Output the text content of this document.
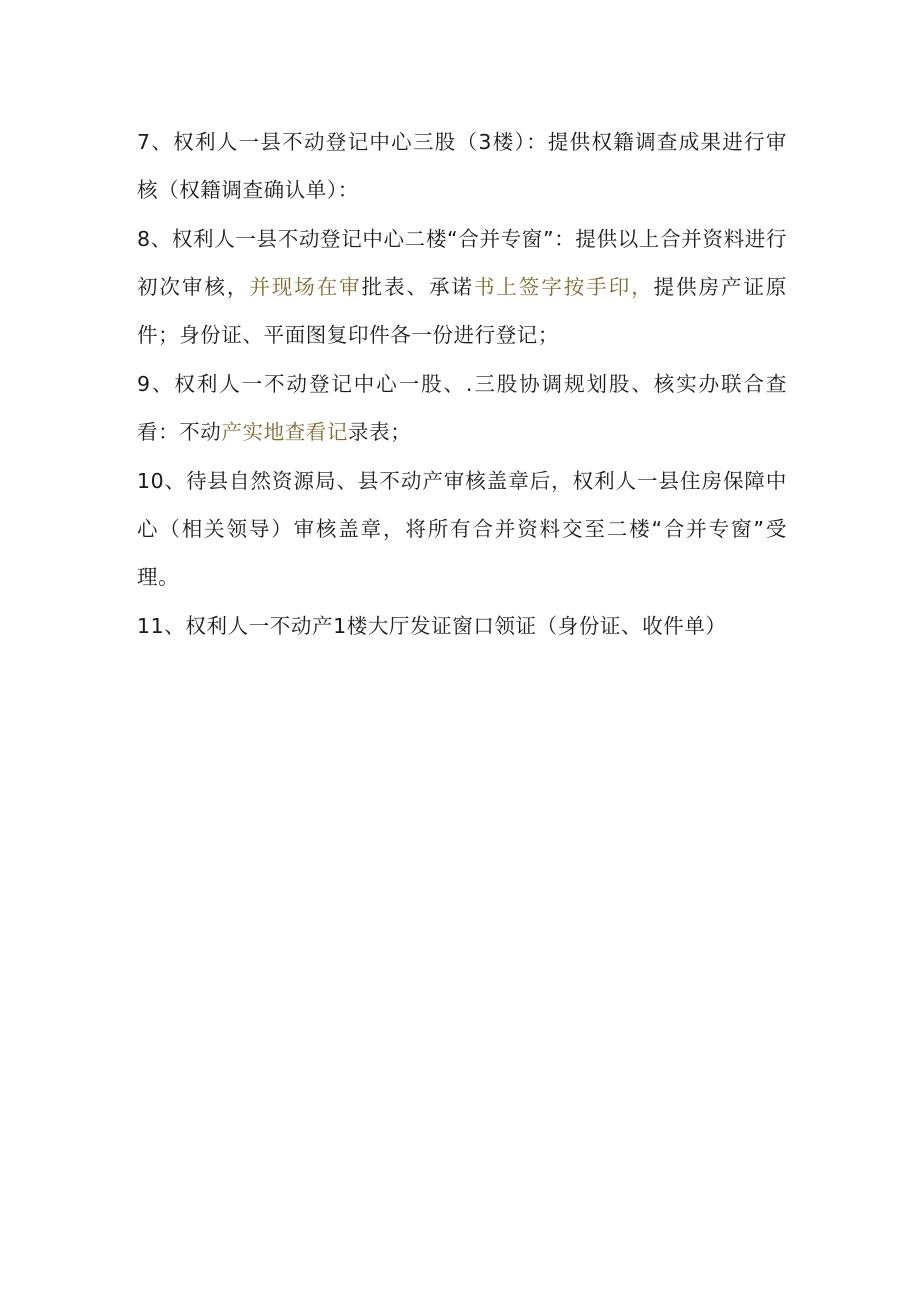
7、权利人一县不动登记中心三股（3楼）：提供权籍调查成果进行审核（权籍调查确认单）：

8、权利人一县不动登记中心二楼“合并专窗”：提供以上合并资料进行初次审核，并现场在审批表、承诺书上签字按手印，提供房产证原件；身份证、平面图复印件各一份进行登记；

9、权利人一不动登记中心一股、.三股协调规划股、核实办联合查看：不动产实地查看记录表；

10、待县自然资源局、县不动产审核盖章后，权利人一县住房保障中心（相关领导）审核盖章，将所有合并资料交至二楼“合并专窗”受理。

11、权利人一不动产1楼大厅发证窗口领证（身份证、收件单）
